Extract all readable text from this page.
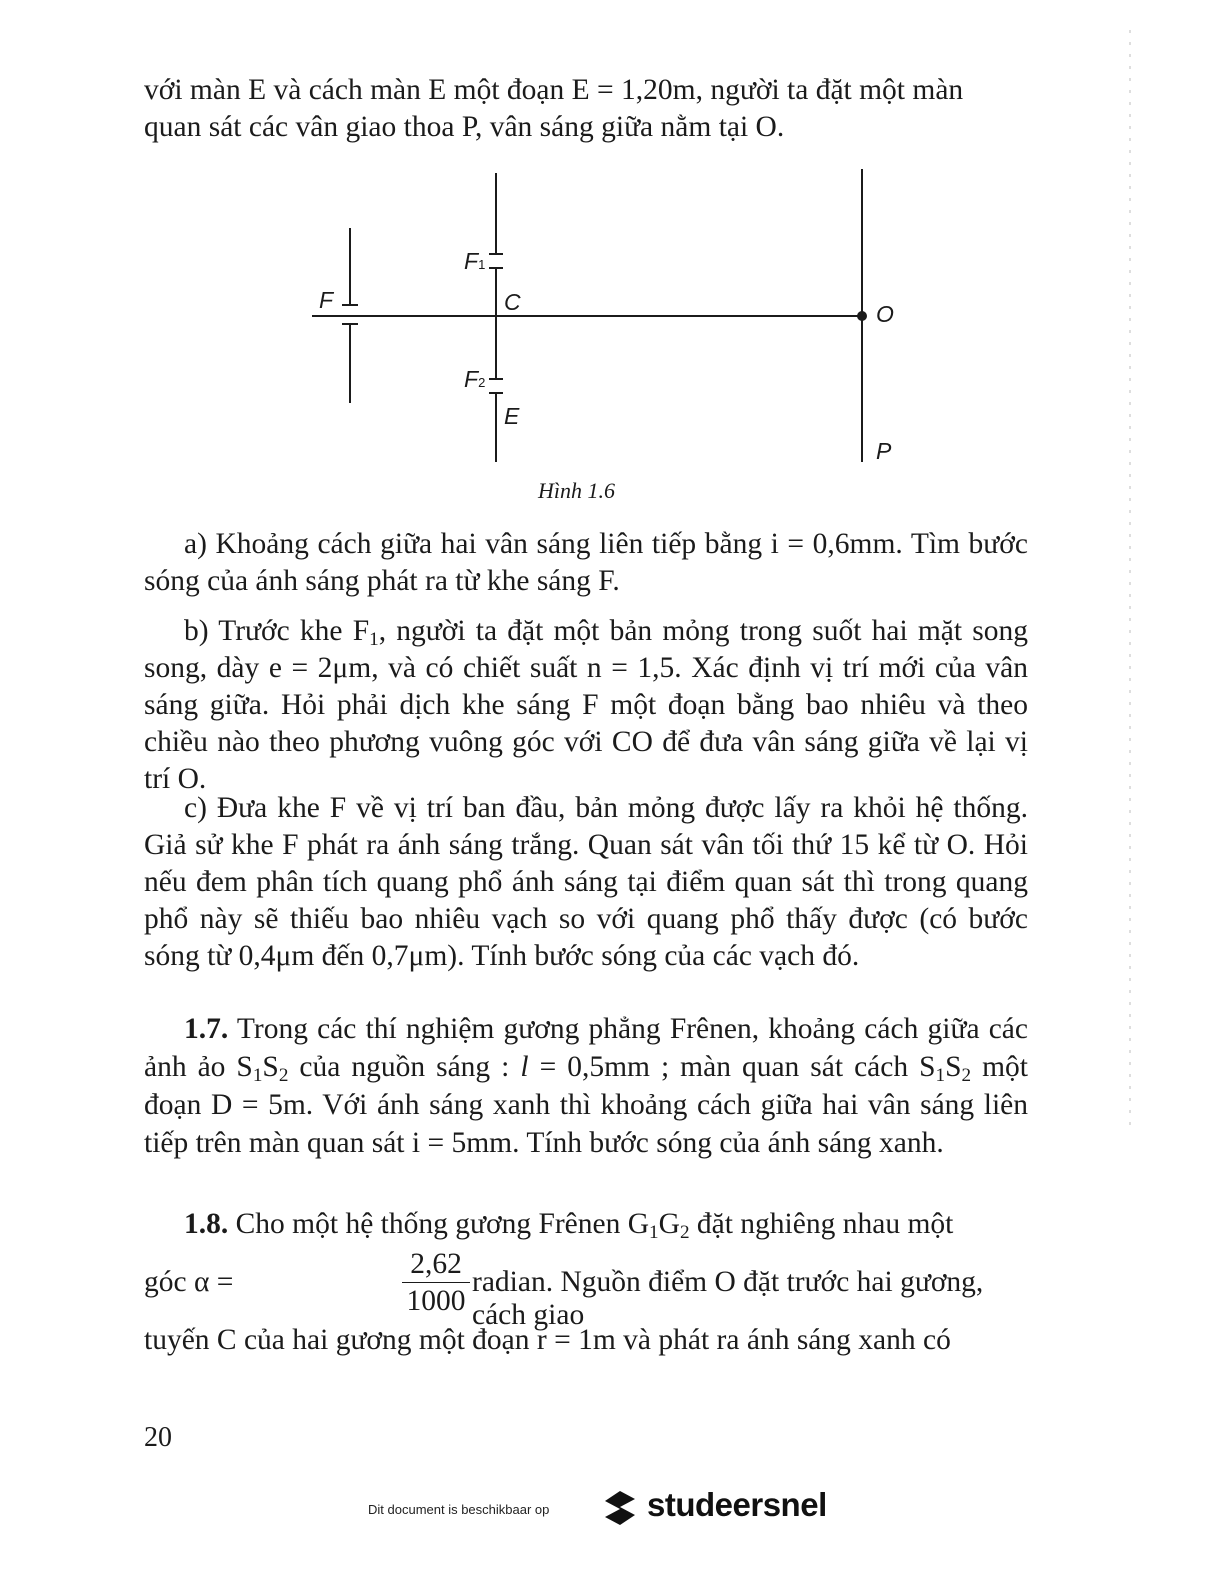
với màn E và cách màn E một đoạn E = 1,20m, người ta đặt một màn
quan sát các vân giao thoa P, vân sáng giữa nằm tại O.

F
F1
C	O
F2
E
P
Hình 1.6

a) Khoảng cách giữa hai vân sáng liên tiếp bằng i = 0,6mm. Tìm bước sóng của ánh sáng phát ra từ khe sáng F.

b) Trước khe $F_1$, người ta đặt một bản mỏng trong suốt hai mặt song song, dày e = 2μm, và có chiết suất n = 1,5. Xác định vị trí mới của vân sáng giữa. Hỏi phải dịch khe sáng F một đoạn bằng bao nhiêu và theo chiều nào theo phương vuông góc với CO để đưa vân sáng giữa về lại vị trí O.

c) Đưa khe F về vị trí ban đầu, bản mỏng được lấy ra khỏi hệ thống. Giả sử khe F phát ra ánh sáng trắng. Quan sát vân tối thứ 15 kể từ O. Hỏi nếu đem phân tích quang phổ ánh sáng tại điểm quan sát thì trong quang phổ này sẽ thiếu bao nhiêu vạch so với quang phổ thấy được (có bước sóng từ 0,4μm đến 0,7μm). Tính bước sóng của các vạch đó.

1.7. Trong các thí nghiệm gương phẳng Frênen, khoảng cách giữa các ảnh ảo $S_1S_2$ của nguồn sáng : l = 0,5mm ; màn quan sát cách $S_1S_2$ một đoạn D = 5m. Với ánh sáng xanh thì khoảng cách giữa hai vân sáng liên tiếp trên màn quan sát i = 5mm. Tính bước sóng của ánh sáng xanh.

1.8. Cho một hệ thống gương Frênen $G_1G_2$ đặt nghiêng nhau một

góc α =
2,62
1000
radian. Nguồn điểm O đặt trước hai gương, cách giao

tuyến C của hai gương một đoạn r = 1m và phát ra ánh sáng xanh có

20
Dit document is beschikbaar op	studeersnel
